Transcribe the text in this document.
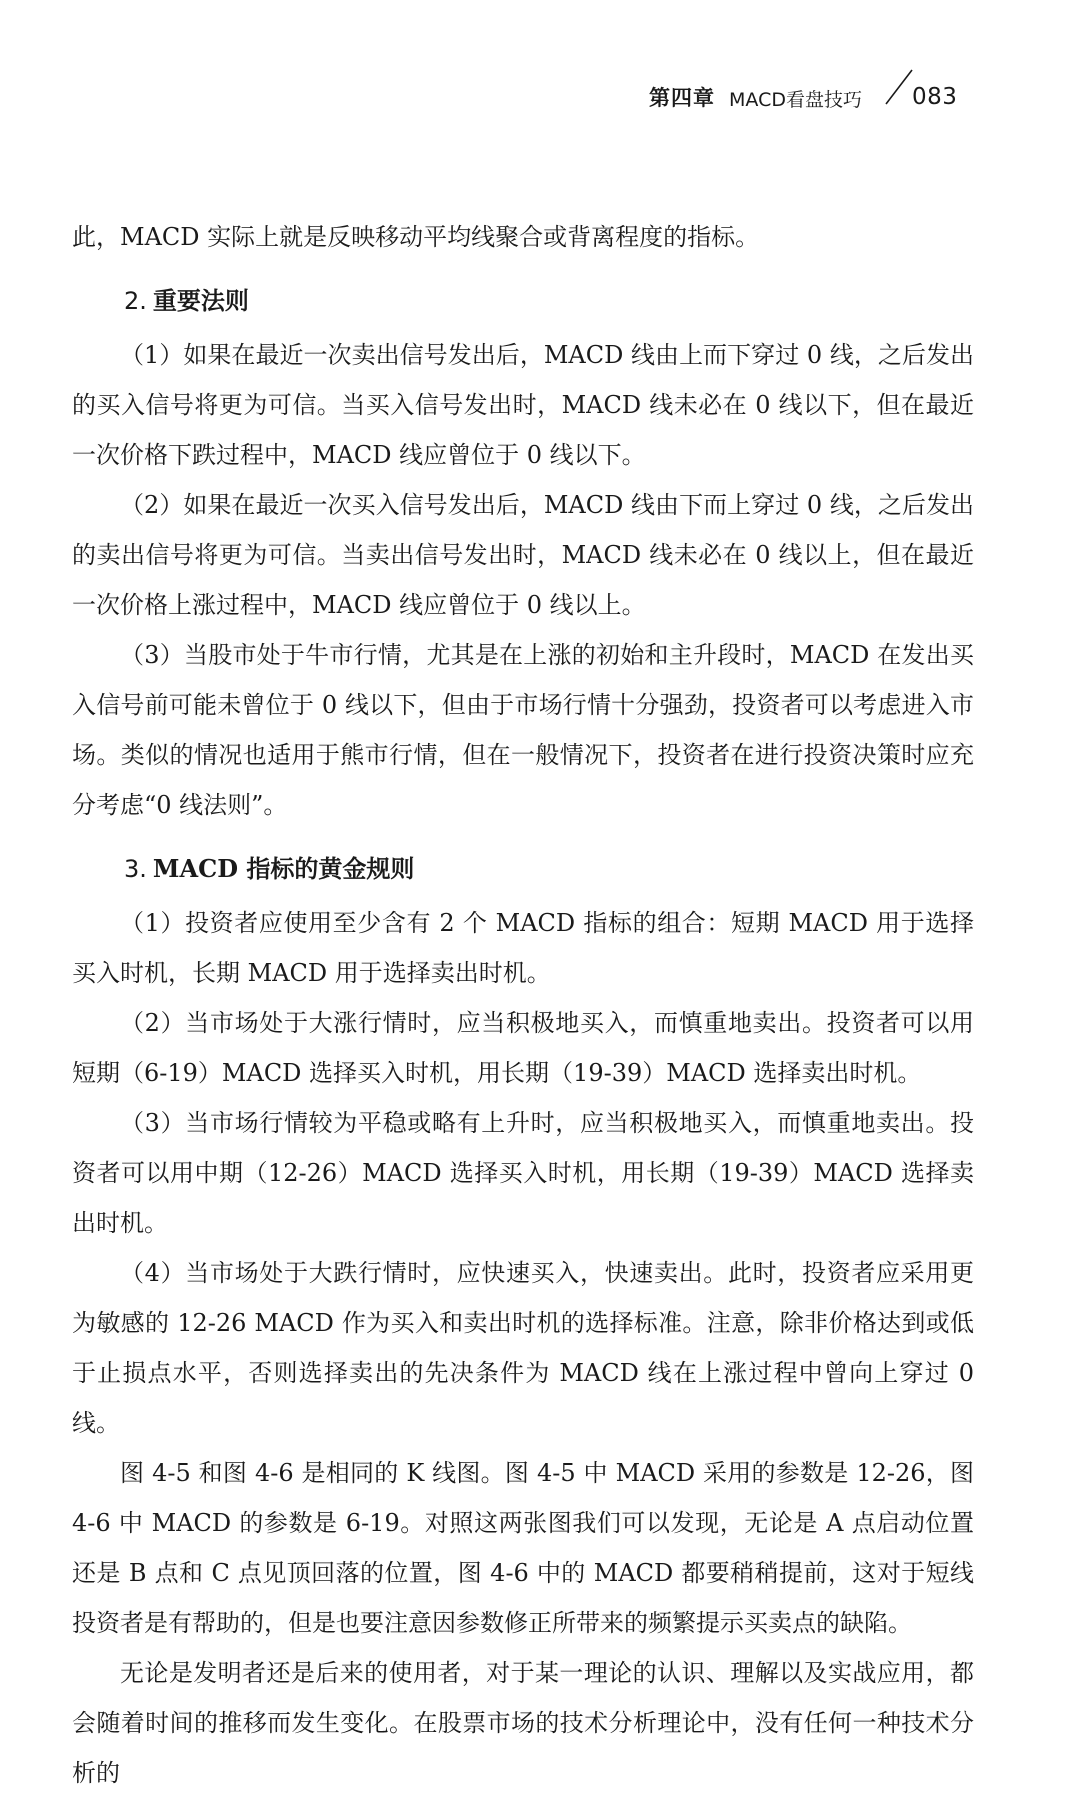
第四章 MACD看盘技巧 083

此，MACD 实际上就是反映移动平均线聚合或背离程度的指标。

2. 重要法则

（1）如果在最近一次卖出信号发出后，MACD 线由上而下穿过 0 线，之后发出的买入信号将更为可信。当买入信号发出时，MACD 线未必在 0 线以下，但在最近一次价格下跌过程中，MACD 线应曾位于 0 线以下。

（2）如果在最近一次买入信号发出后，MACD 线由下而上穿过 0 线，之后发出的卖出信号将更为可信。当卖出信号发出时，MACD 线未必在 0 线以上，但在最近一次价格上涨过程中，MACD 线应曾位于 0 线以上。

（3）当股市处于牛市行情，尤其是在上涨的初始和主升段时，MACD 在发出买入信号前可能未曾位于 0 线以下，但由于市场行情十分强劲，投资者可以考虑进入市场。类似的情况也适用于熊市行情，但在一般情况下，投资者在进行投资决策时应充分考虑“0 线法则”。

3. MACD 指标的黄金规则

（1）投资者应使用至少含有 2 个 MACD 指标的组合：短期 MACD 用于选择买入时机，长期 MACD 用于选择卖出时机。

（2）当市场处于大涨行情时，应当积极地买入，而慎重地卖出。投资者可以用短期（6-19）MACD 选择买入时机，用长期（19-39）MACD 选择卖出时机。

（3）当市场行情较为平稳或略有上升时，应当积极地买入，而慎重地卖出。投资者可以用中期（12-26）MACD 选择买入时机，用长期（19-39）MACD 选择卖出时机。

（4）当市场处于大跌行情时，应快速买入，快速卖出。此时，投资者应采用更为敏感的 12-26 MACD 作为买入和卖出时机的选择标准。注意，除非价格达到或低于止损点水平，否则选择卖出的先决条件为 MACD 线在上涨过程中曾向上穿过 0 线。

图 4-5 和图 4-6 是相同的 K 线图。图 4-5 中 MACD 采用的参数是 12-26，图 4-6 中 MACD 的参数是 6-19。对照这两张图我们可以发现，无论是 A 点启动位置还是 B 点和 C 点见顶回落的位置，图 4-6 中的 MACD 都要稍稍提前，这对于短线投资者是有帮助的，但是也要注意因参数修正所带来的频繁提示买卖点的缺陷。

无论是发明者还是后来的使用者，对于某一理论的认识、理解以及实战应用，都会随着时间的推移而发生变化。在股票市场的技术分析理论中，没有任何一种技术分析的
